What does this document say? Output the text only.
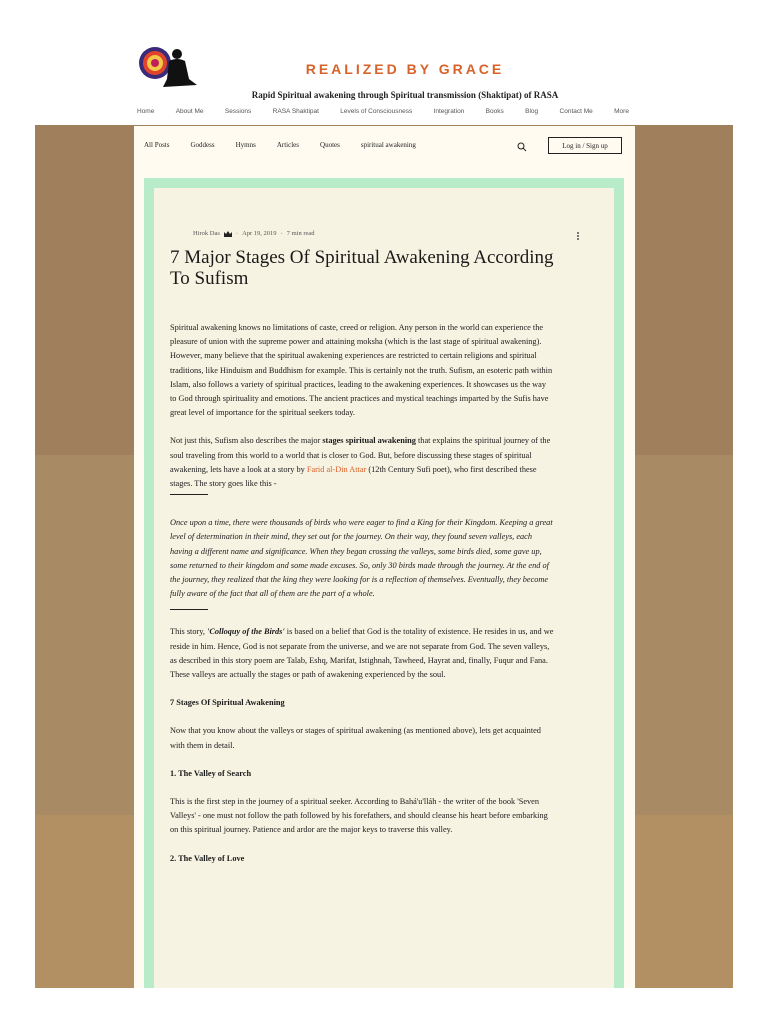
REALIZED BY GRACE
Rapid Spiritual awakening through Spiritual transmission (Shaktipat) of RASA
Home	About Me	Sessions	RASA Shaktipat	Levels of Consciousness	Integration	Books	Blog	Contact Me	More
All Posts	Goddess	Hymns	Articles	Quotes	spiritual awakening	Log in / Sign up
Hirok Das · Apr 19, 2019 · 7 min read
7 Major Stages Of Spiritual Awakening According To Sufism

Spiritual awakening knows no limitations of caste, creed or religion. Any person in the world can experience the pleasure of union with the supreme power and attaining moksha (which is the last stage of spiritual awakening). However, many believe that the spiritual awakening experiences are restricted to certain religions and spiritual traditions, like Hinduism and Buddhism for example. This is certainly not the truth. Sufism, an esoteric path within Islam, also follows a variety of spiritual practices, leading to the awakening experiences. It showcases us the way to God through spirituality and emotions. The ancient practices and mystical teachings imparted by the Sufis have great level of importance for the spiritual seekers today.

Not just this, Sufism also describes the major stages spiritual awakening that explains the spiritual journey of the soul traveling from this world to a world that is closer to God. But, before discussing these stages of spiritual awakening, lets have a look at a story by Farid al-Din Attar (12th Century Sufi poet), who first described these stages. The story goes like this -

Once upon a time, there were thousands of birds who were eager to find a King for their Kingdom. Keeping a great level of determination in their mind, they set out for the journey. On their way, they found seven valleys, each having a different name and significance. When they began crossing the valleys, some birds died, some gave up, some returned to their kingdom and some made excuses. So, only 30 birds made through the journey. At the end of the journey, they realized that the king they were looking for is a reflection of themselves. Eventually, they become fully aware of the fact that all of them are the part of a whole.

This story, 'Colloquy of the Birds' is based on a belief that God is the totality of existence. He resides in us, and we reside in him. Hence, God is not separate from the universe, and we are not separate from God. The seven valleys, as described in this story poem are Talab, Eshq, Marifat, Istighnah, Tawheed, Hayrat and, finally, Fuqur and Fana. These valleys are actually the stages or path of awakening experienced by the soul.

7 Stages Of Spiritual Awakening

Now that you know about the valleys or stages of spiritual awakening (as mentioned above), lets get acquainted with them in detail.

1. The Valley of Search

This is the first step in the journey of a spiritual seeker. According to Bahá'u'lláh - the writer of the book 'Seven Valleys' - one must not follow the path followed by his forefathers, and should cleanse his heart before embarking on this spiritual journey. Patience and ardor are the major keys to traverse this valley.

2. The Valley of Love
